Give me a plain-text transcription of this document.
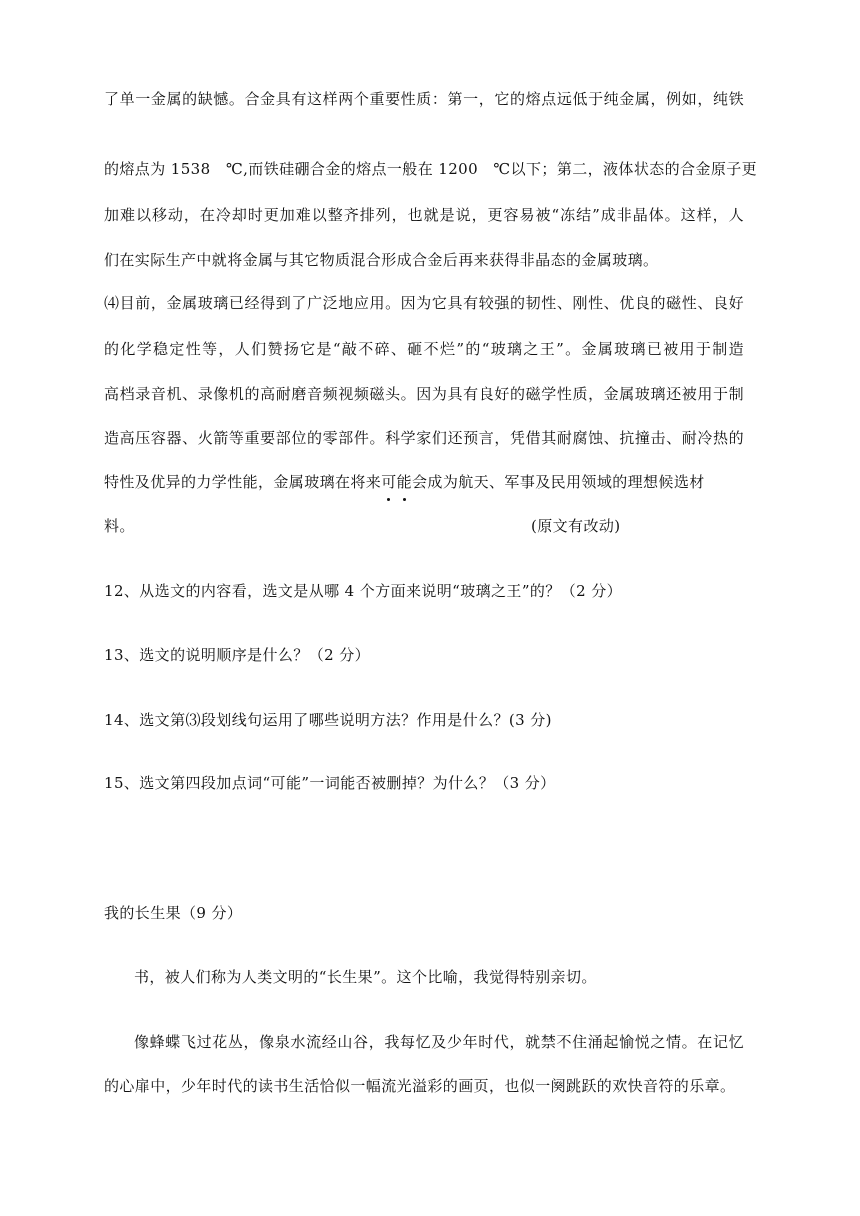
了单一金属的缺憾。合金具有这样两个重要性质：第一，它的熔点远低于纯金属，例如，纯铁
的熔点为 1538　℃,而铁硅硼合金的熔点一般在 1200　℃以下；第二，液体状态的合金原子更
加难以移动，在冷却时更加难以整齐排列，也就是说，更容易被“冻结”成非晶体。这样，人
们在实际生产中就将金属与其它物质混合形成合金后再来获得非晶态的金属玻璃。
⑷目前，金属玻璃已经得到了广泛地应用。因为它具有较强的韧性、刚性、优良的磁性、良好
的化学稳定性等，人们赞扬它是“敲不碎、砸不烂”的“玻璃之王”。金属玻璃已被用于制造
高档录音机、录像机的高耐磨音频视频磁头。因为具有良好的磁学性质，金属玻璃还被用于制
造高压容器、火箭等重要部位的零部件。科学家们还预言，凭借其耐腐蚀、抗撞击、耐冷热的
特性及优异的力学性能，金属玻璃在将来可能会成为航天、军事及民用领域的理想候选材
料。	(原文有改动)
12、从选文的内容看，选文是从哪 4 个方面来说明“玻璃之王”的？（2 分）
13、选文的说明顺序是什么？（2 分）
14、选文第⑶段划线句运用了哪些说明方法？作用是什么？(3 分)
15、选文第四段加点词“可能”一词能否被删掉？为什么？（3 分）
我的长生果（9 分）
书，被人们称为人类文明的“长生果”。这个比喻，我觉得特别亲切。
像蜂蝶飞过花丛，像泉水流经山谷，我每忆及少年时代，就禁不住涌起愉悦之情。在记忆
的心扉中，少年时代的读书生活恰似一幅流光溢彩的画页，也似一阕跳跃的欢快音符的乐章。
